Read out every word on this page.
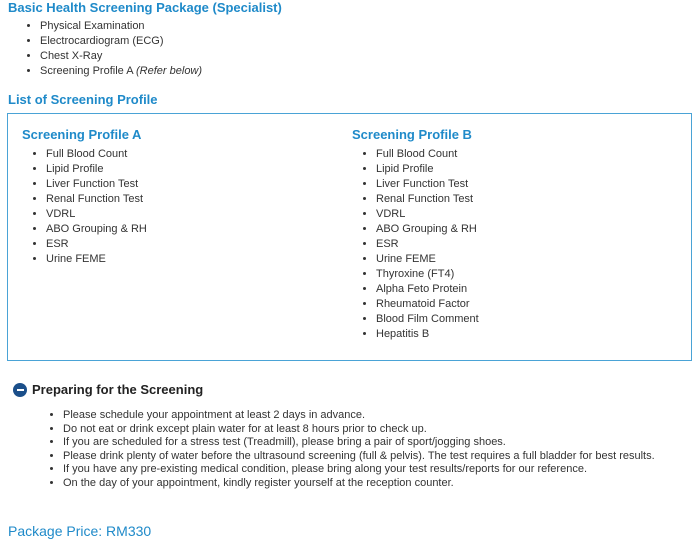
Basic Health Screening Package (Specialist)
• Physical Examination
• Electrocardiogram (ECG)
• Chest X-Ray
• Screening Profile A (Refer below)
List of Screening Profile
Screening Profile A
• Full Blood Count
• Lipid Profile
• Liver Function Test
• Renal Function Test
• VDRL
• ABO Grouping & RH
• ESR
• Urine FEME
Screening Profile B
• Full Blood Count
• Lipid Profile
• Liver Function Test
• Renal Function Test
• VDRL
• ABO Grouping & RH
• ESR
• Urine FEME
• Thyroxine (FT4)
• Alpha Feto Protein
• Rheumatoid Factor
• Blood Film Comment
• Hepatitis B
Preparing for the Screening
• Please schedule your appointment at least 2 days in advance.
• Do not eat or drink except plain water for at least 8 hours prior to check up.
• If you are scheduled for a stress test (Treadmill), please bring a pair of sport/jogging shoes.
• Please drink plenty of water before the ultrasound screening (full & pelvis). The test requires a full bladder for best results.
• If you have any pre-existing medical condition, please bring along your test results/reports for our reference.
• On the day of your appointment, kindly register yourself at the reception counter.
Package Price: RM330
